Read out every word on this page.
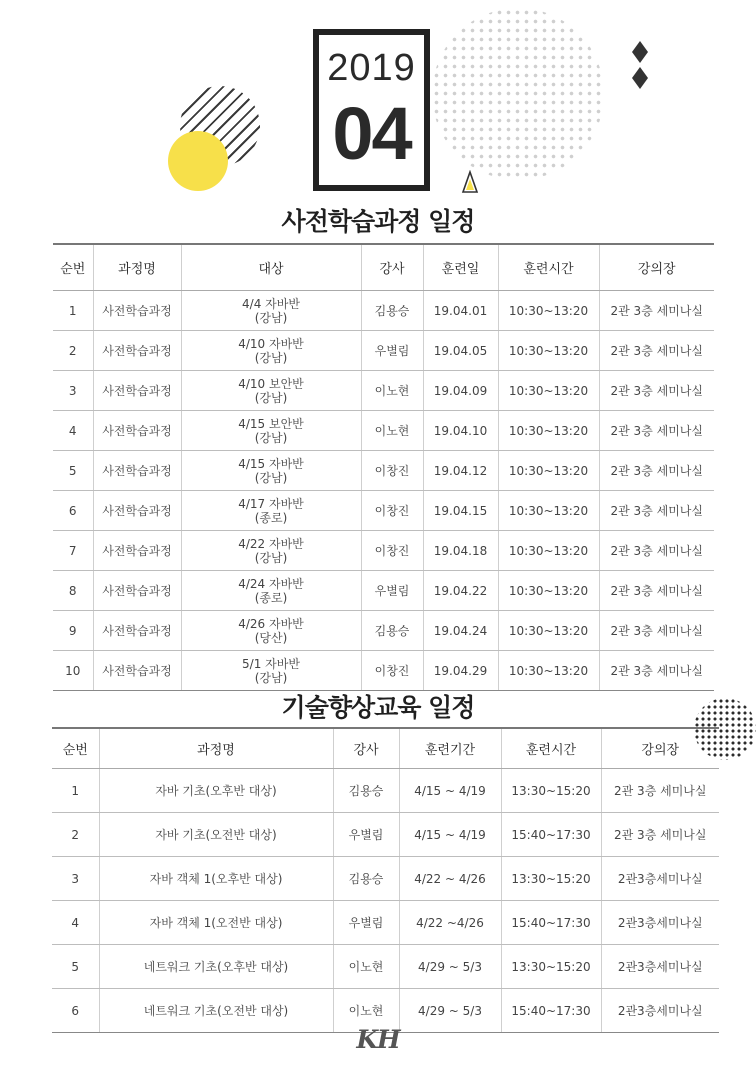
2019
04
사전학습과정 일정
순번	과정명	대상	강사	훈련일	훈련시간	강의장
1	사전학습과정	4/4 자바반
(강남)	김용승	19.04.01	10:30~13:20	2관 3층 세미나실
2	사전학습과정	4/10 자바반
(강남)	우별림	19.04.05	10:30~13:20	2관 3층 세미나실
3	사전학습과정	4/10 보안반
(강남)	이노현	19.04.09	10:30~13:20	2관 3층 세미나실
4	사전학습과정	4/15 보안반
(강남)	이노현	19.04.10	10:30~13:20	2관 3층 세미나실
5	사전학습과정	4/15 자바반
(강남)	이창진	19.04.12	10:30~13:20	2관 3층 세미나실
6	사전학습과정	4/17 자바반
(종로)	이창진	19.04.15	10:30~13:20	2관 3층 세미나실
7	사전학습과정	4/22 자바반
(강남)	이창진	19.04.18	10:30~13:20	2관 3층 세미나실
8	사전학습과정	4/24 자바반
(종로)	우별림	19.04.22	10:30~13:20	2관 3층 세미나실
9	사전학습과정	4/26 자바반
(당산)	김용승	19.04.24	10:30~13:20	2관 3층 세미나실
10	사전학습과정	5/1 자바반
(강남)	이창진	19.04.29	10:30~13:20	2관 3층 세미나실
기술향상교육 일정
순번	과정명	강사	훈련기간	훈련시간	강의장
1	자바 기초(오후반 대상)	김용승	4/15 ~ 4/19	13:30~15:20	2관 3층 세미나실
2	자바 기초(오전반 대상)	우별림	4/15 ~ 4/19	15:40~17:30	2관 3층 세미나실
3	자바 객체 1(오후반 대상)	김용승	4/22 ~ 4/26	13:30~15:20	2관3층세미나실
4	자바 객체 1(오전반 대상)	우별림	4/22 ~4/26	15:40~17:30	2관3층세미나실
5	네트워크 기초(오후반 대상)	이노현	4/29 ~ 5/3	13:30~15:20	2관3층세미나실
6	네트워크 기초(오전반 대상)	이노현	4/29 ~ 5/3	15:40~17:30	2관3층세미나실
KH
